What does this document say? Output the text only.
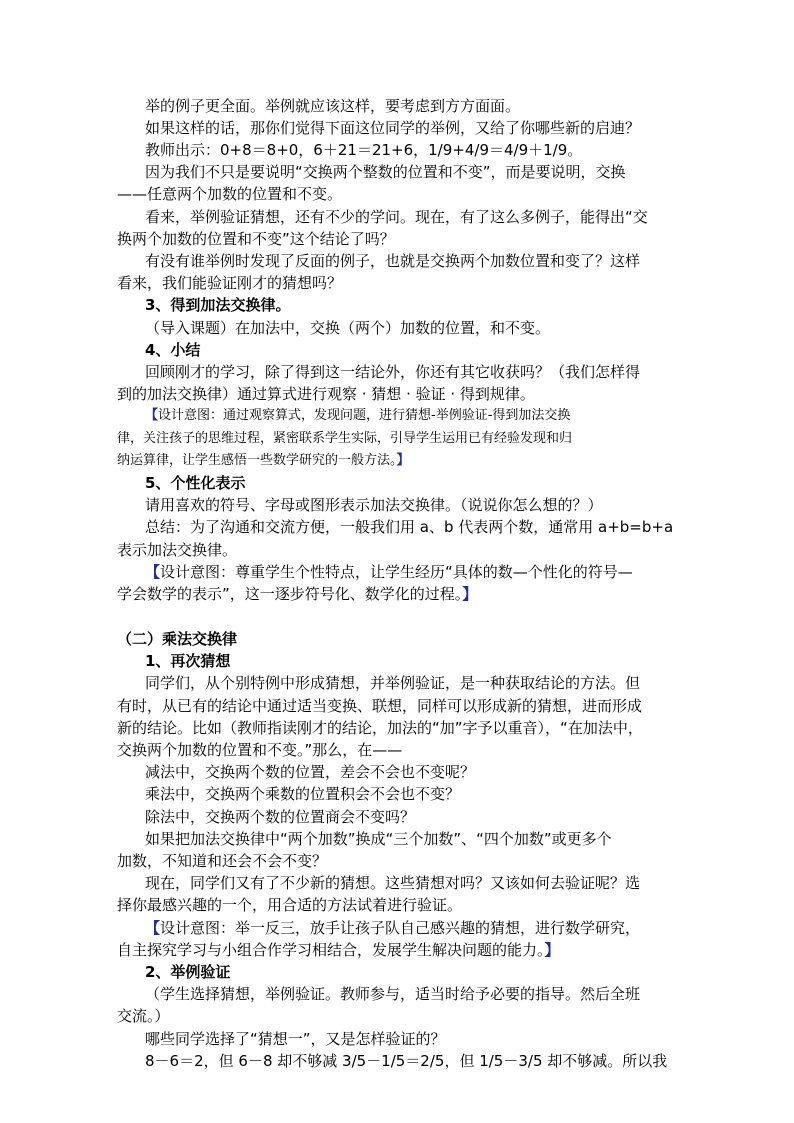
举的例子更全面。举例就应该这样，要考虑到方方面面。
如果这样的话，那你们觉得下面这位同学的举例，又给了你哪些新的启迪？
教师出示：0+8＝8+0，6＋21＝21+6，1/9+4/9＝4/9＋1/9。
因为我们不只是要说明“交换两个整数的位置和不变”，而是要说明，交换
——任意两个加数的位置和不变。
看来，举例验证猜想，还有不少的学问。现在，有了这么多例子，能得出“交
换两个加数的位置和不变”这个结论了吗？
有没有谁举例时发现了反面的例子，也就是交换两个加数位置和变了？这样
看来，我们能验证刚才的猜想吗？
3、得到加法交换律。
（导入课题）在加法中，交换（两个）加数的位置，和不变。
4、小结
回顾刚才的学习，除了得到这一结论外，你还有其它收获吗？（我们怎样得
到的加法交换律）通过算式进行观察 · 猜想 · 验证 · 得到规律。
【设计意图：通过观察算式，发现问题，进行猜想-举例验证-得到加法交换
律，关注孩子的思维过程，紧密联系学生实际，引导学生运用已有经验发现和归
纳运算律，让学生感悟一些数学研究的一般方法。】
5、个性化表示
请用喜欢的符号、字母或图形表示加法交换律。（说说你怎么想的？）
总结：为了沟通和交流方便，一般我们用 a、b 代表两个数，通常用 a+b=b+a
表示加法交换律。
【设计意图：尊重学生个性特点，让学生经历“具体的数—个性化的符号—
学会数学的表示”，这一逐步符号化、数学化的过程。】
（二）乘法交换律
1、再次猜想
同学们，从个别特例中形成猜想，并举例验证，是一种获取结论的方法。但
有时，从已有的结论中通过适当变换、联想，同样可以形成新的猜想，进而形成
新的结论。比如（教师指读刚才的结论，加法的“加”字予以重音），“在加法中，
交换两个加数的位置和不变。”那么，在——
减法中，交换两个数的位置，差会不会也不变呢？
乘法中，交换两个乘数的位置积会不会也不变？
除法中，交换两个数的位置商会不变吗？
如果把加法交换律中“两个加数”换成“三个加数”、“四个加数”或更多个
加数，不知道和还会不会不变？
现在，同学们又有了不少新的猜想。这些猜想对吗？又该如何去验证呢？选
择你最感兴趣的一个，用合适的方法试着进行验证。
【设计意图：举一反三，放手让孩子队自己感兴趣的猜想，进行数学研究，
自主探究学习与小组合作学习相结合，发展学生解决问题的能力。】
2、举例验证
（学生选择猜想，举例验证。教师参与，适当时给予必要的指导。然后全班
交流。）
哪些同学选择了“猜想一”，又是怎样验证的？
8－6＝2，但 6－8 却不够减 3/5－1/5＝2/5，但 1/5－3/5 却不够减。所以我
